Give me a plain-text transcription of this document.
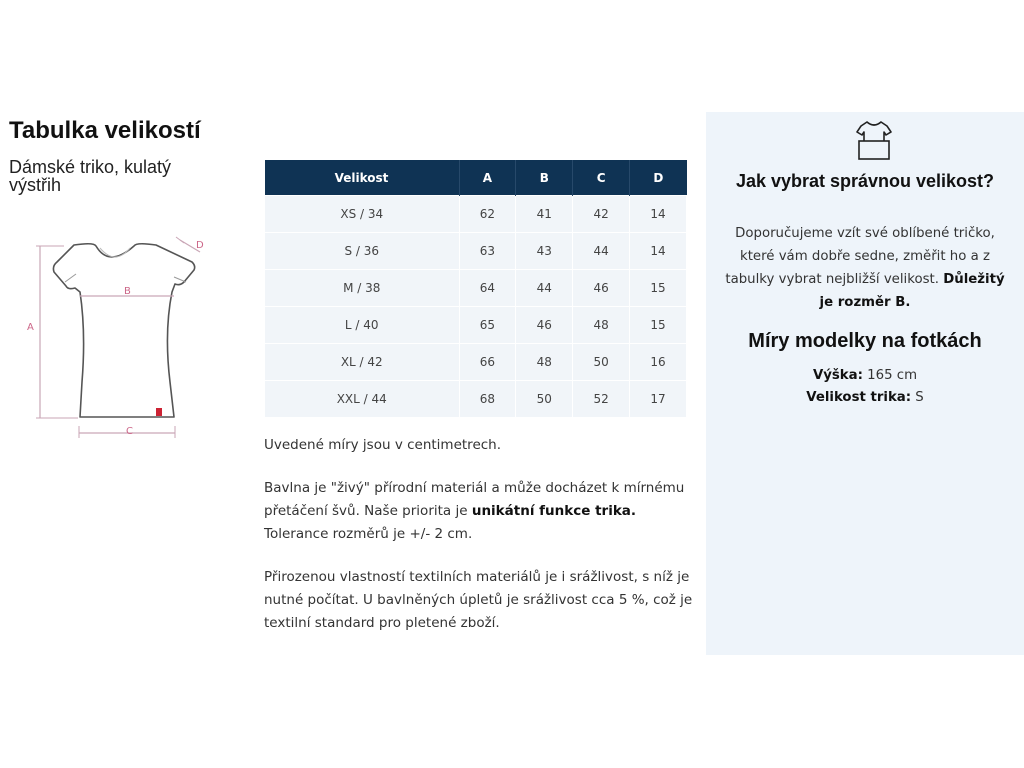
Tabulka velikostí

Dámské triko, kulatý výstřih

A
B
C
D
Velikost	A	B	C	D
XS / 34	62	41	42	14
S / 36	63	43	44	14
M / 38	64	44	46	15
L / 40	65	46	48	15
XL / 42	66	48	50	16
XXL / 44	68	50	52	17

Uvedené míry jsou v centimetrech.

Bavlna je "živý" přírodní materiál a může docházet k mírnému přetáčení švů. Naše priorita je unikátní funkce trika. Tolerance rozměrů je +/- 2 cm.

Přirozenou vlastností textilních materiálů je i srážlivost, s níž je nutné počítat. U bavlněných úpletů je srážlivost cca 5 %, což je textilní standard pro pletené zboží.

Jak vybrat správnou velikost?

Doporučujeme vzít své oblíbené tričko, které vám dobře sedne, změřit ho a z tabulky vybrat nejbližší velikost. Důležitý je rozměr B.

Míry modelky na fotkách
Výška: 165 cm
Velikost trika: S
